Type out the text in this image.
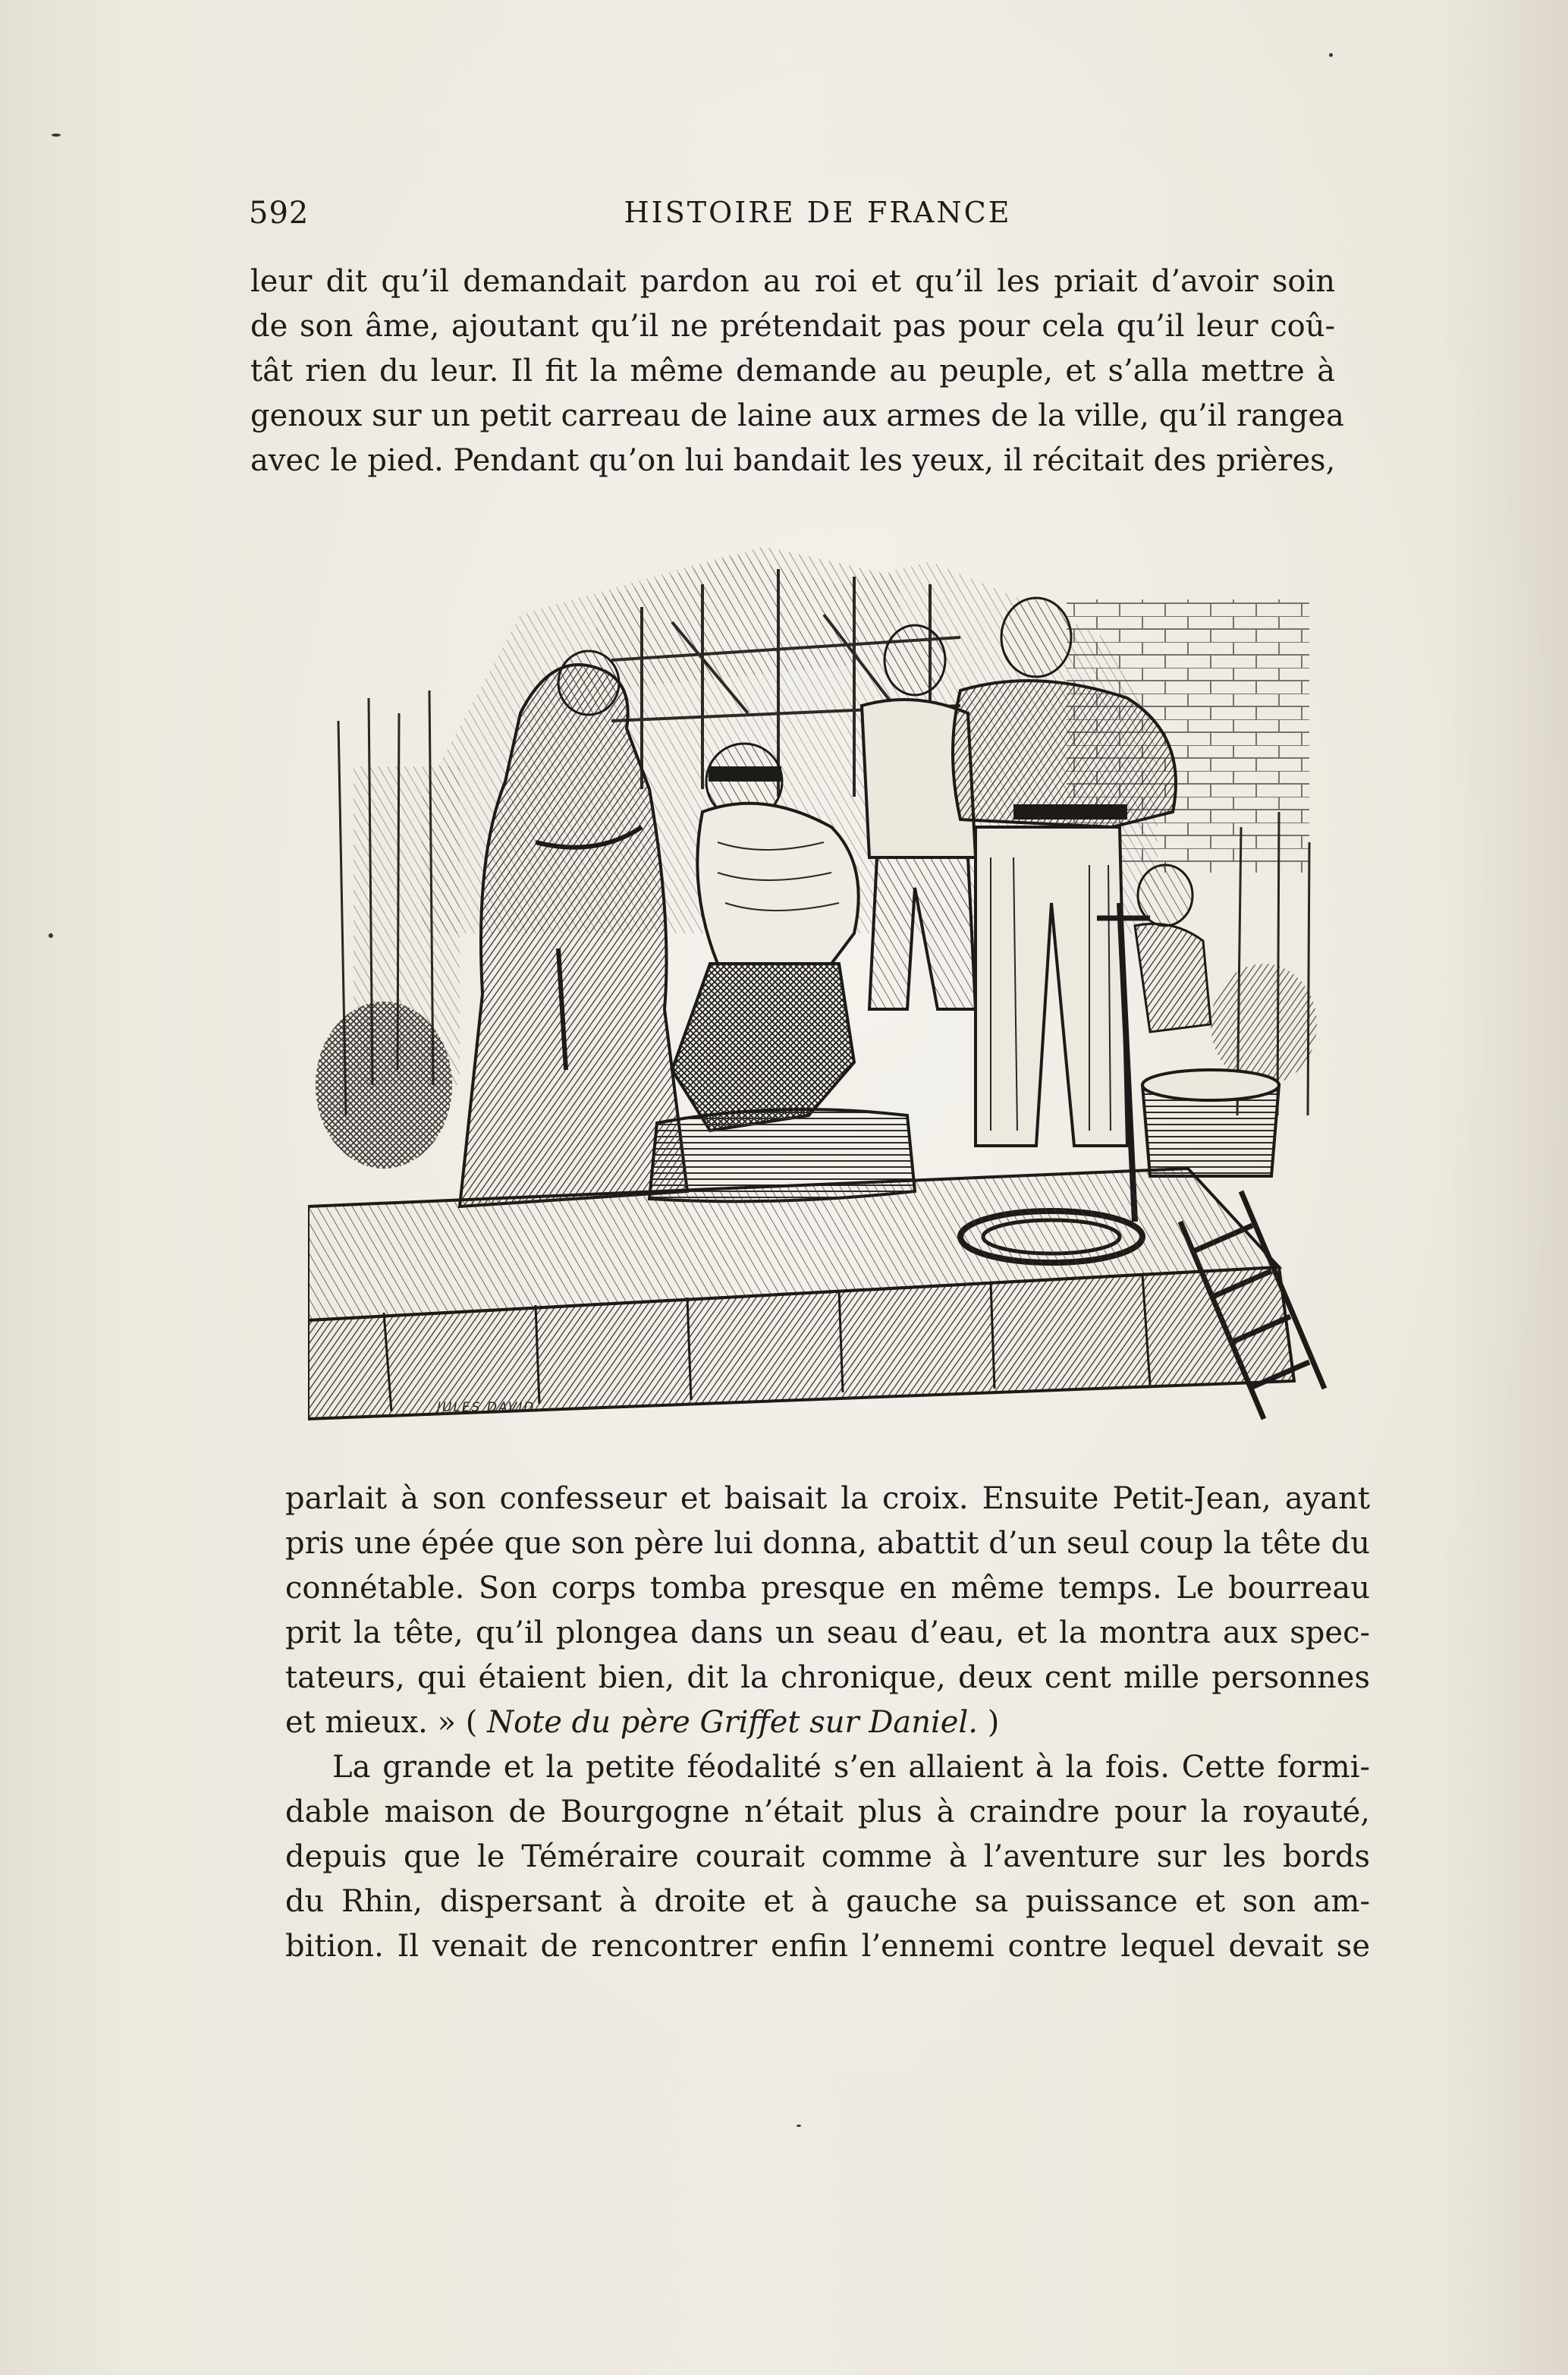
592	HISTOIRE DE FRANCE
leur dit qu’il demandait pardon au roi et qu’il les priait d’avoir soin
de son âme, ajoutant qu’il ne prétendait pas pour cela qu’il leur coû-
tât rien du leur. Il fit la même demande au peuple, et s’alla mettre à
genoux sur un petit carreau de laine aux armes de la ville, qu’il rangea
avec le pied. Pendant qu’on lui bandait les yeux, il récitait des prières,
JULES DAVID
parlait à son confesseur et baisait la croix. Ensuite Petit-Jean, ayant
pris une épée que son père lui donna, abattit d’un seul coup la tête du
connétable. Son corps tomba presque en même temps. Le bourreau
prit la tête, qu’il plongea dans un seau d’eau, et la montra aux spec-
tateurs, qui étaient bien, dit la chronique, deux cent mille personnes
et mieux. » ( Note du père Griffet sur Daniel. )
La grande et la petite féodalité s’en allaient à la fois. Cette formi-
dable maison de Bourgogne n’était plus à craindre pour la royauté,
depuis que le Téméraire courait comme à l’aventure sur les bords
du Rhin, dispersant à droite et à gauche sa puissance et son am-
bition. Il venait de rencontrer enfin l’ennemi contre lequel devait se
